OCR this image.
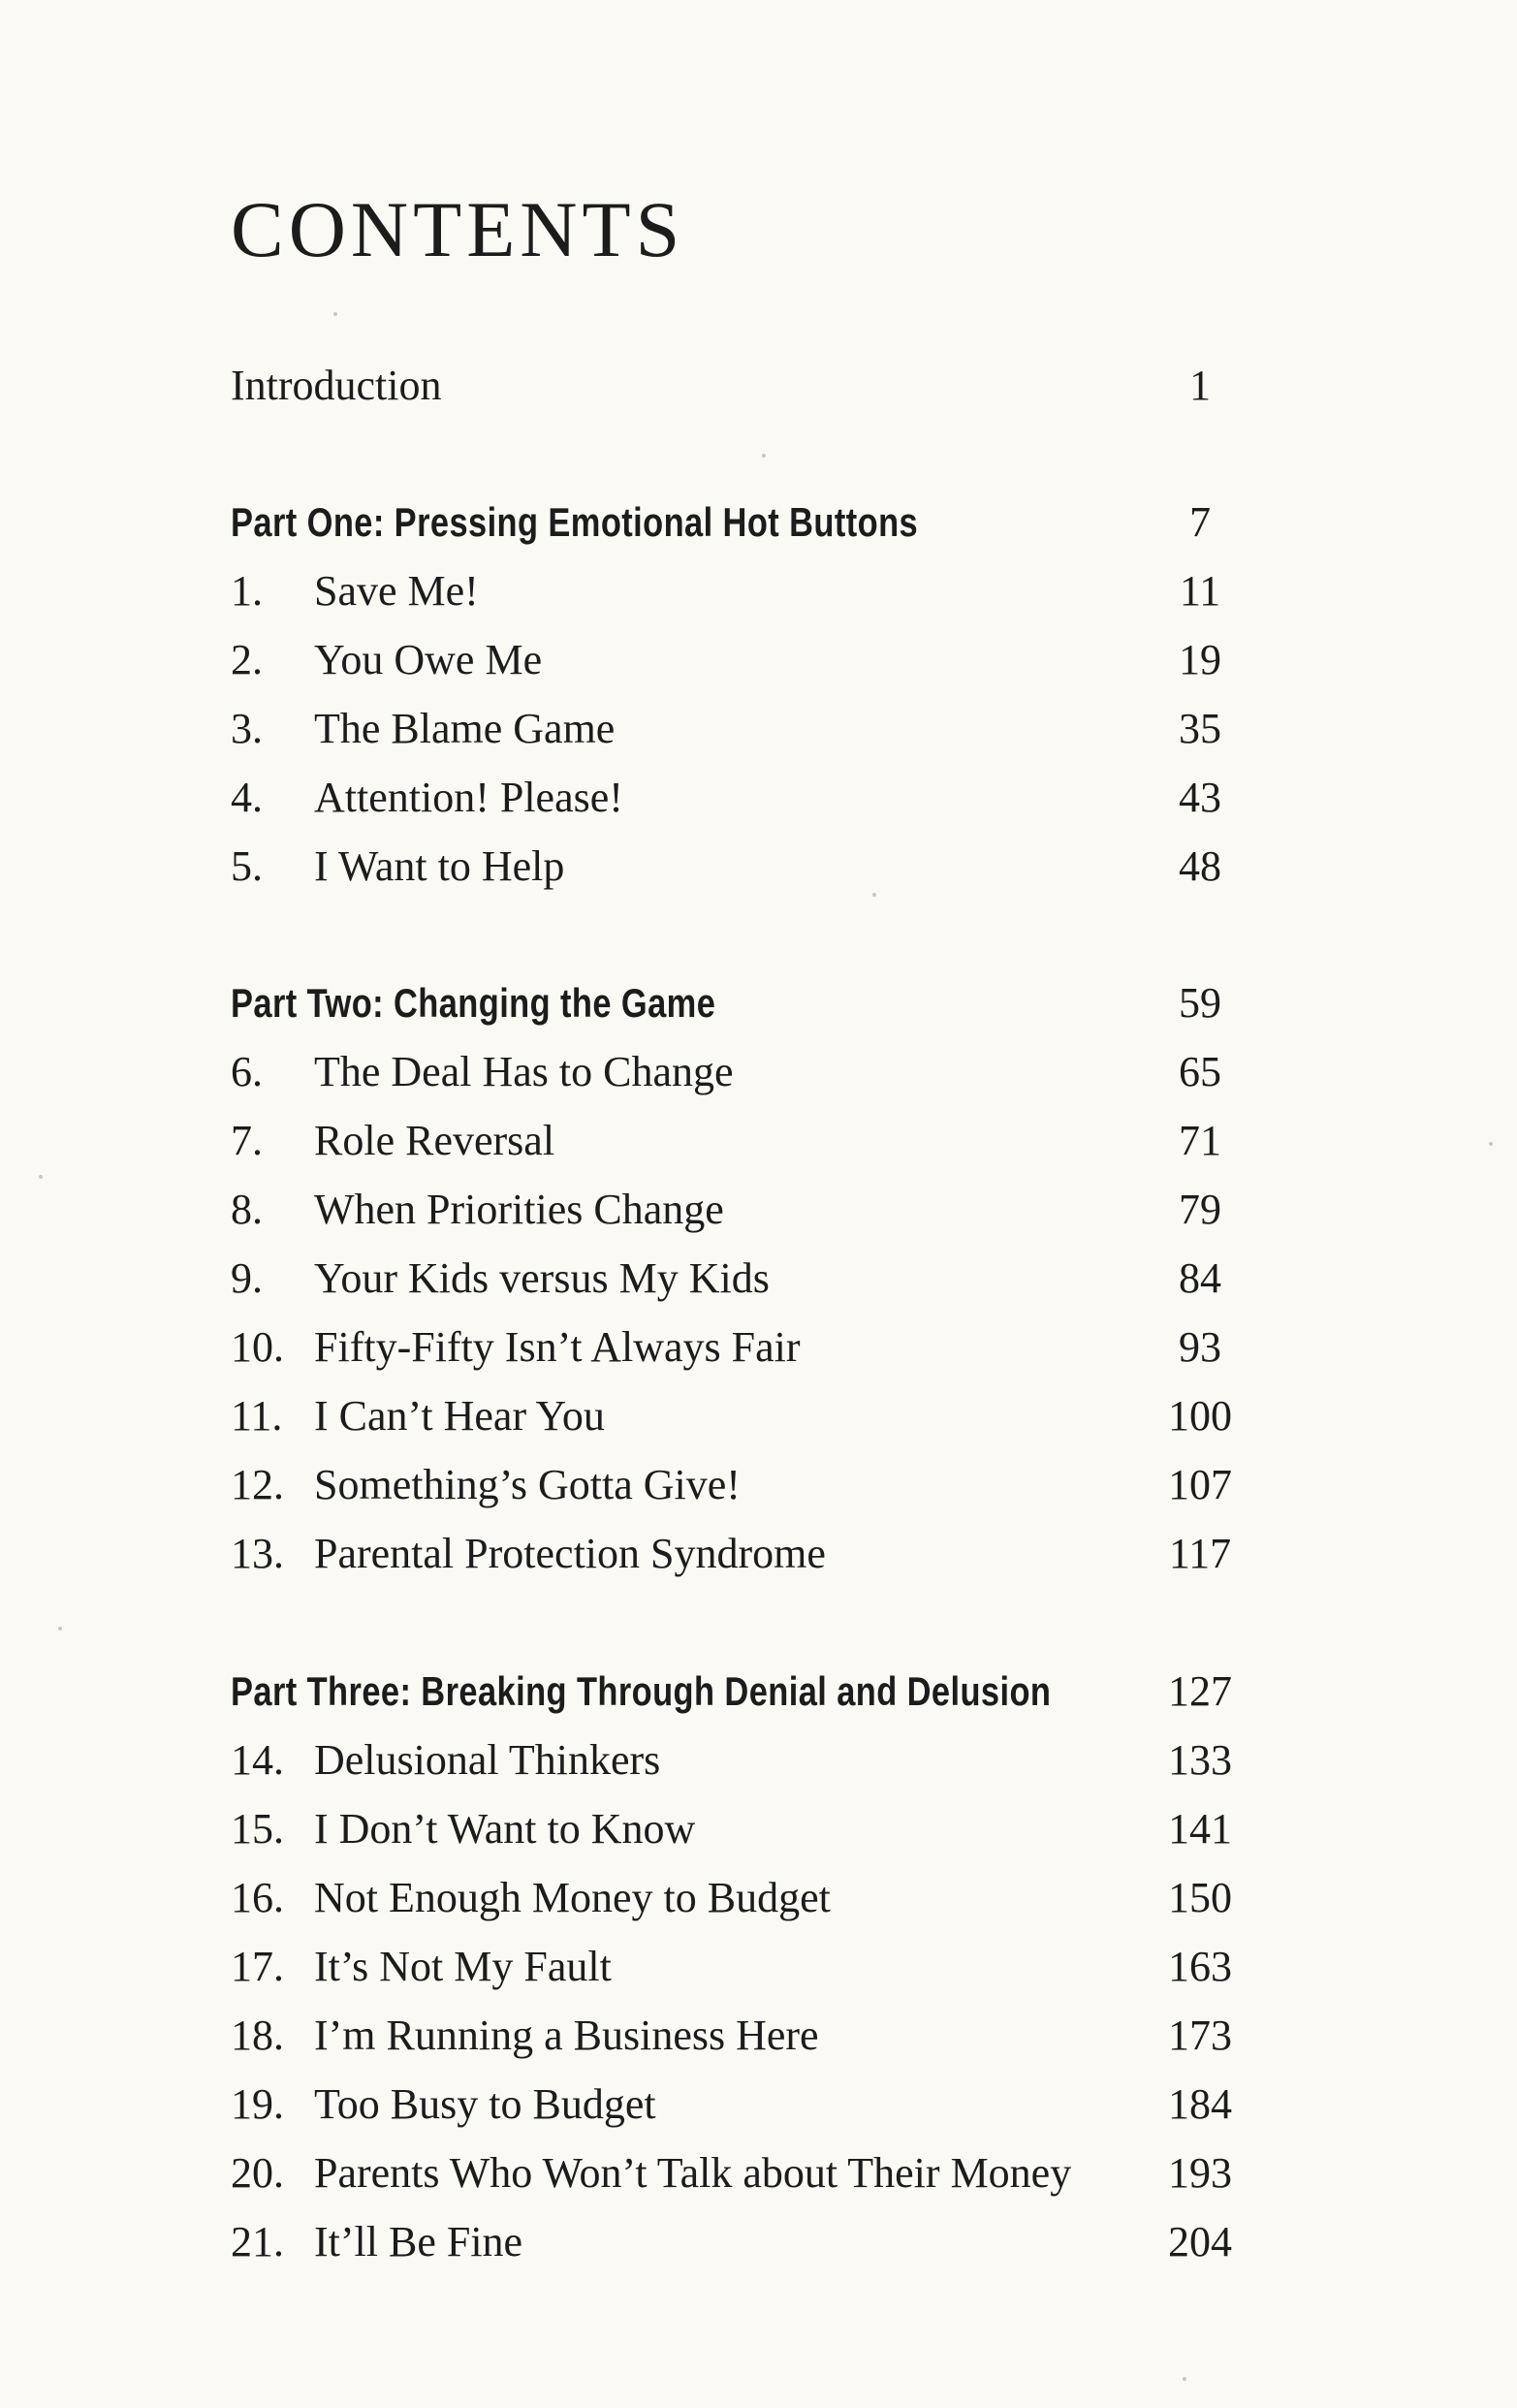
CONTENTS
Introduction	1
Part One: Pressing Emotional Hot Buttons	7
1. Save Me!	11
2. You Owe Me	19
3. The Blame Game	35
4. Attention! Please!	43
5. I Want to Help	48
Part Two: Changing the Game	59
6. The Deal Has to Change	65
7. Role Reversal	71
8. When Priorities Change	79
9. Your Kids versus My Kids	84
10. Fifty-Fifty Isn’t Always Fair	93
11. I Can’t Hear You	100
12. Something’s Gotta Give!	107
13. Parental Protection Syndrome	117
Part Three: Breaking Through Denial and Delusion	127
14. Delusional Thinkers	133
15. I Don’t Want to Know	141
16. Not Enough Money to Budget	150
17. It’s Not My Fault	163
18. I’m Running a Business Here	173
19. Too Busy to Budget	184
20. Parents Who Won’t Talk about Their Money	193
21. It’ll Be Fine	204
